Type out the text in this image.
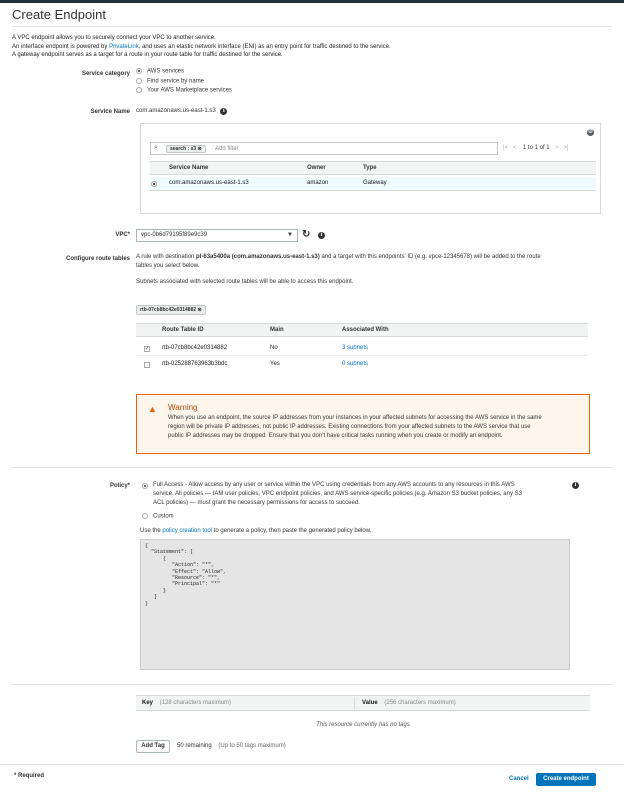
Create Endpoint
A VPC endpoint allows you to securely connect your VPC to another service.
An interface endpoint is powered by PrivateLink, and uses an elastic network interface (ENI) as an entry point for traffic destined to the service.
A gateway endpoint serves as a target for a route in your route table for traffic destined for the service.
Service category	AWS services
Find service by name
Your AWS Marketplace services
Service Name com.amazonaws.us-east-1.s3 i
⚙
⌕	search : s3 ⊗	Add filter	|< < 1 to 1 of 1 > >|
Service Name	Owner	Type
com.amazonaws.us-east-1.s3	amazon	Gateway
VPC*	vpc-0b6d79195f89e9c39	▼ ↻	i
Configure route tables A rule with destination pl-63a5400a (com.amazonaws.us-east-1.s3) and a target with this endpoints' ID (e.g. vpce-12345678) will be added to the route
tables you select below.
Subnets associated with selected route tables will be able to access this endpoint.
rtb-07cb8bc42e0314882 ⊗
Route Table ID	Main	Associated With
✓ rtb-07cb8bc42e0314882	No	3 subnets
rtb-025288763963b3bdc	Yes	0 subnets
▲ Warning
When you use an endpoint, the source IP addresses from your instances in your affected subnets for accessing the AWS service in the same
region will be private IP addresses, not public IP addresses. Existing connections from your affected subnets to the AWS service that use
public IP addresses may be dropped. Ensure that you don't have critical tasks running when you create or modify an endpoint.
Policy*	Full Access - Allow access by any user or service within the VPC using credentials from any AWS accounts to any resources in this AWS
service. All policies — IAM user policies, VPC endpoint policies, and AWS service-specific policies (e.g. Amazon S3 bucket policies, any S3
ACL policies) — must grant the necessary permissions for access to succeed.
i
Custom
Use the policy creation tool to generate a policy, then paste the generated policy below.
{
"Statement": [
{
"Action": "*",
"Effect": "Allow",
"Resource": "*",
"Principal": "*"
}
]
}
Key (128 characters maximum)	Value (256 characters maximum)
This resource currently has no tags
Add Tag	50 remaining (Up to 50 tags maximum)
* Required	Cancel	Create endpoint
